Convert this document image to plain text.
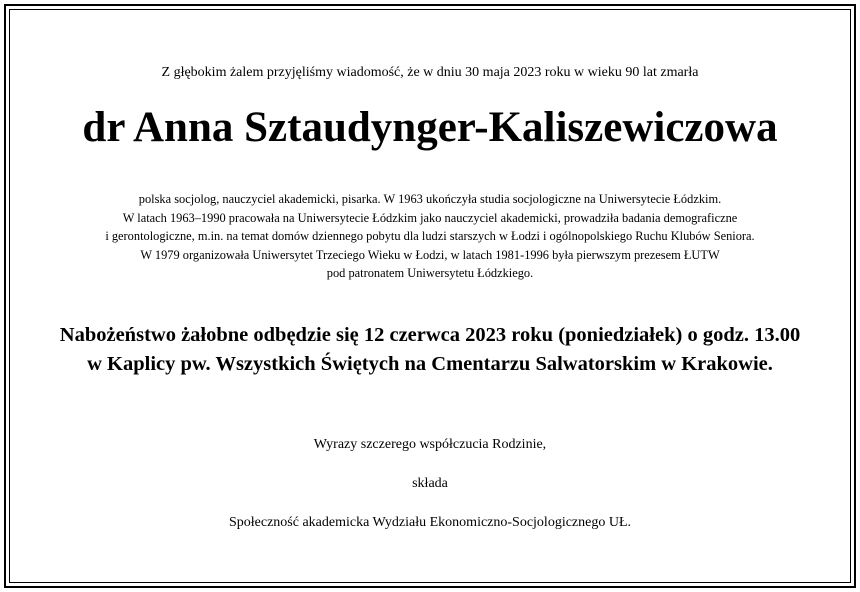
Z głębokim żalem przyjęliśmy wiadomość, że w dniu 30 maja 2023 roku w wieku 90 lat zmarła
dr Anna Sztaudynger-Kaliszewiczowa
polska socjolog, nauczyciel akademicki, pisarka. W 1963 ukończyła studia socjologiczne na Uniwersytecie Łódzkim.
W latach 1963–1990 pracowała na Uniwersytecie Łódzkim jako nauczyciel akademicki, prowadziła badania demograficzne
i gerontologiczne, m.in. na temat domów dziennego pobytu dla ludzi starszych w Łodzi i ogólnopolskiego Ruchu Klubów Seniora.
W 1979 organizowała Uniwersytet Trzeciego Wieku w Łodzi, w latach 1981-1996 była pierwszym prezesem ŁUTW
pod patronatem Uniwersytetu Łódzkiego.
Nabożeństwo żałobne odbędzie się 12 czerwca 2023 roku (poniedziałek) o godz. 13.00
w Kaplicy pw. Wszystkich Świętych na Cmentarzu Salwatorskim w Krakowie.
Wyrazy szczerego współczucia Rodzinie,
składa
Społeczność akademicka Wydziału Ekonomiczno-Socjologicznego UŁ.
